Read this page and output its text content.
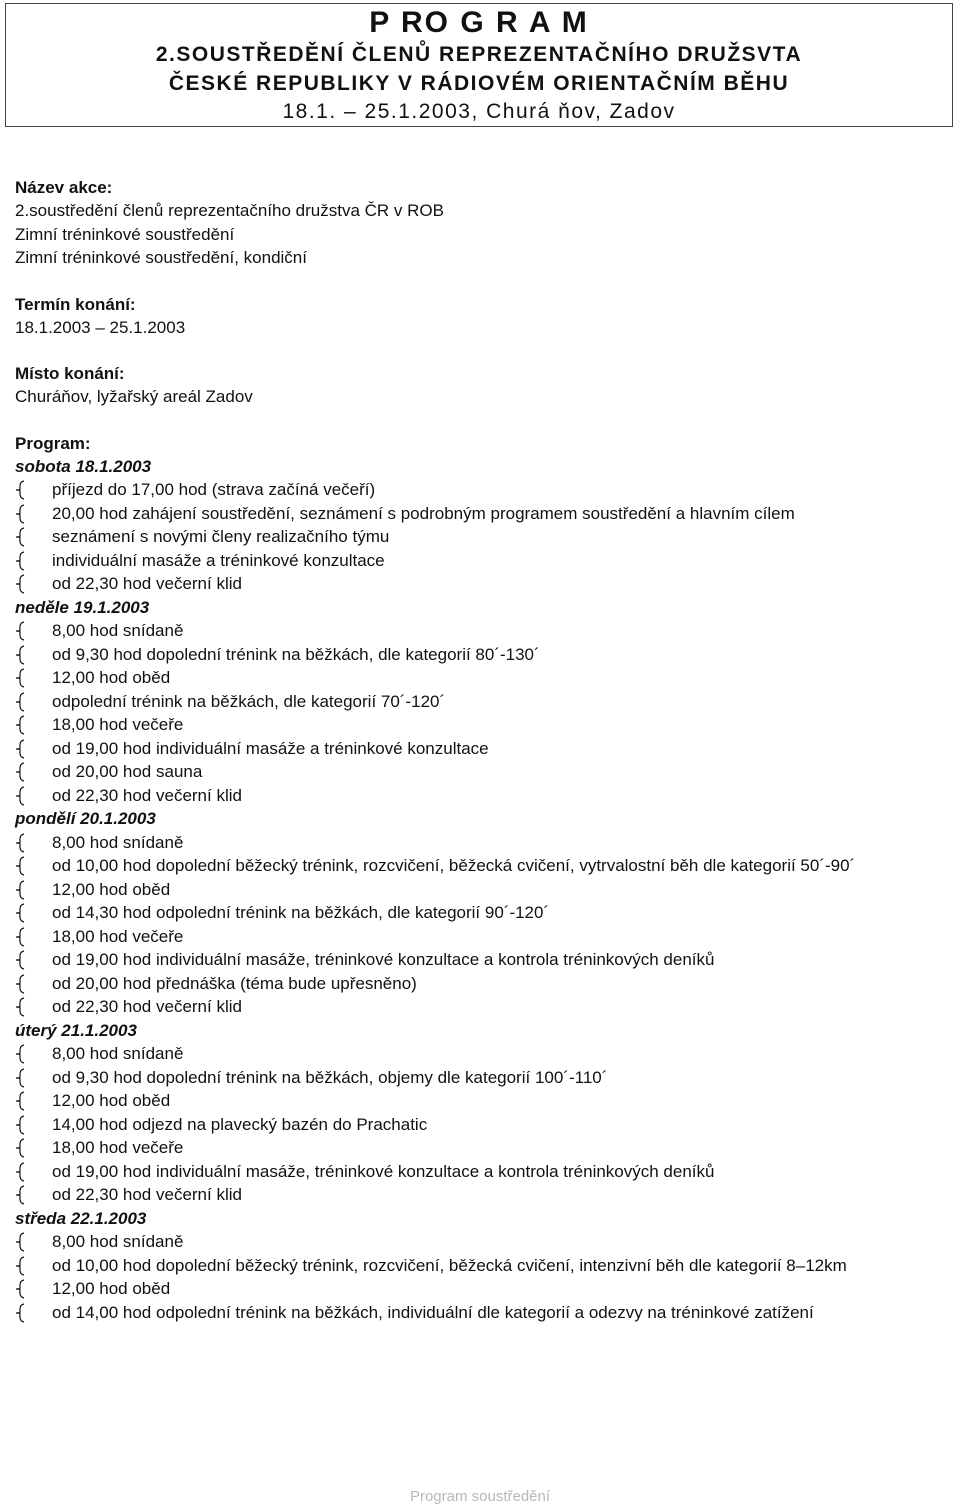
P RO G R A M
2.SOUSTŘEDĚNÍ ČLENŮ REPREZENTAČNÍHO DRUŽSVTA
ČESKÉ REPUBLIKY V RÁDIOVÉM ORIENTAČNÍM BĚHU
18.1. – 25.1.2003, Churá ňov, Zadov
Název akce:
2.soustředění členů reprezentačního družstva ČR v ROB
Zimní tréninkové soustředění
Zimní tréninkové soustředění, kondiční
Termín konání:
18.1.2003 – 25.1.2003
Místo konání:
Churáňov, lyžařský areál Zadov
Program:
sobota 18.1.2003
příjezd do 17,00 hod (strava začíná večeří)
20,00 hod zahájení soustředění, seznámení s podrobným programem soustředění a hlavním cílem
seznámení s novými členy realizačního týmu
individuální masáže a tréninkové konzultace
od 22,30 hod večerní klid
neděle 19.1.2003
8,00 hod snídaně
od 9,30 hod dopolední trénink na běžkách, dle kategorií 80´-130´
12,00 hod oběd
odpolední trénink na běžkách, dle kategorií 70´-120´
18,00 hod večeře
od 19,00 hod individuální masáže a tréninkové konzultace
od 20,00 hod sauna
od 22,30 hod večerní klid
pondělí 20.1.2003
8,00 hod snídaně
od 10,00 hod dopolední běžecký trénink, rozcvičení, běžecká cvičení, vytrvalostní běh dle kategorií 50´-90´
12,00 hod oběd
od 14,30 hod odpolední trénink na běžkách, dle kategorií 90´-120´
18,00 hod večeře
od 19,00 hod individuální masáže, tréninkové konzultace a kontrola tréninkových deníků
od 20,00 hod přednáška (téma bude upřesněno)
od 22,30 hod večerní klid
úterý 21.1.2003
8,00 hod snídaně
od 9,30 hod dopolední trénink na běžkách, objemy dle kategorií 100´-110´
12,00 hod oběd
14,00 hod odjezd na plavecký bazén do Prachatic
18,00 hod večeře
od 19,00 hod individuální masáže, tréninkové konzultace a kontrola tréninkových deníků
od 22,30 hod večerní klid
středa 22.1.2003
8,00 hod snídaně
od 10,00 hod dopolední běžecký trénink, rozcvičení, běžecká cvičení, intenzivní běh dle kategorií 8–12km
12,00 hod oběd
od 14,00 hod odpolední trénink na běžkách, individuální dle kategorií a odezvy na tréninkové zatížení
Program soustředění
